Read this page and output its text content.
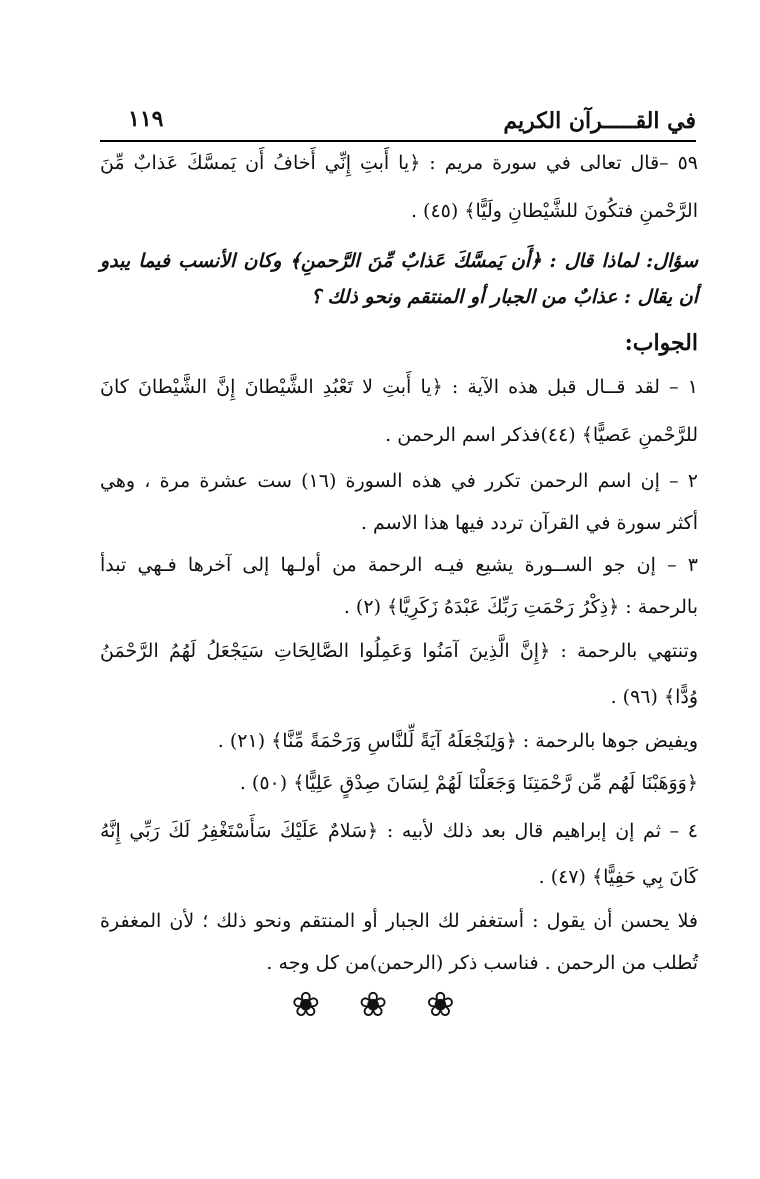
في القـــــرآن الكريم
١١٩
٥٩ –قال تعالى في سورة مريم : ﴿يا أَبتِ إِنِّي أَخافُ أَن يَمسَّكَ عَذابٌ مِّنَ
الرَّحْمنِ فتكُونَ للشَّيْطانِ ولَيًّا﴾ (٤٥) .
سؤال: لماذا قال : ﴿أَن يَمسَّكَ عَذابٌ مِّنَ الرَّحمنِ﴾ وكان الأنسب فيما يبدو
أن يقال : عذابٌ من الجبار أو المنتقم ونحو ذلك ؟
الجواب:
١ – لقد قــال قبل هذه الآية : ﴿يا أَبتِ لا تَعْبُدِ الشَّيْطانَ إِنَّ الشَّيْطانَ كانَ
للرَّحْمنِ عَصيًّا﴾ (٤٤)فذكر اسم الرحمن .
٢ – إن اسم الرحمن تكرر في هذه السورة (١٦) ست عشرة مرة ، وهي
أكثر سورة في القرآن تردد فيها هذا الاسم .
٣ – إن جو الســورة يشيع فيـه الرحمة من أولـها إلى آخرها فـهي تبدأ
بالرحمة : ﴿ذِكْرُ رَحْمَتِ رَبِّكَ عَبْدَهُ زَكَرِيَّا﴾ (٢) .
وتنتهي بالرحمة : ﴿إِنَّ الَّذِينَ آمَنُوا وَعَمِلُوا الصَّالِحَاتِ سَيَجْعَلُ لَهُمُ الرَّحْمَنُ
وُدًّا﴾ (٩٦) .
ويفيض جوها بالرحمة : ﴿وَلِنَجْعَلَهُ آيَةً لِّلنَّاسِ وَرَحْمَةً مِّنَّا﴾ (٢١) .
﴿وَوَهَبْنَا لَهُم مِّن رَّحْمَتِنَا وَجَعَلْنَا لَهُمْ لِسَانَ صِدْقٍ عَلِيًّا﴾ (٥٠) .
٤ – ثم إن إبراهيم قال بعد ذلك لأبيه : ﴿سَلامٌ عَلَيْكَ سَأَسْتَغْفِرُ لَكَ رَبِّي إِنَّهُ
كَانَ بِي حَفِيًّا﴾ (٤٧) .
فلا يحسن أن يقول : أستغفر لك الجبار أو المنتقم ونحو ذلك ؛ لأن المغفرة
تُطلب من الرحمن . فناسب ذكر (الرحمن)من كل وجه .
❀ ❀ ❀
